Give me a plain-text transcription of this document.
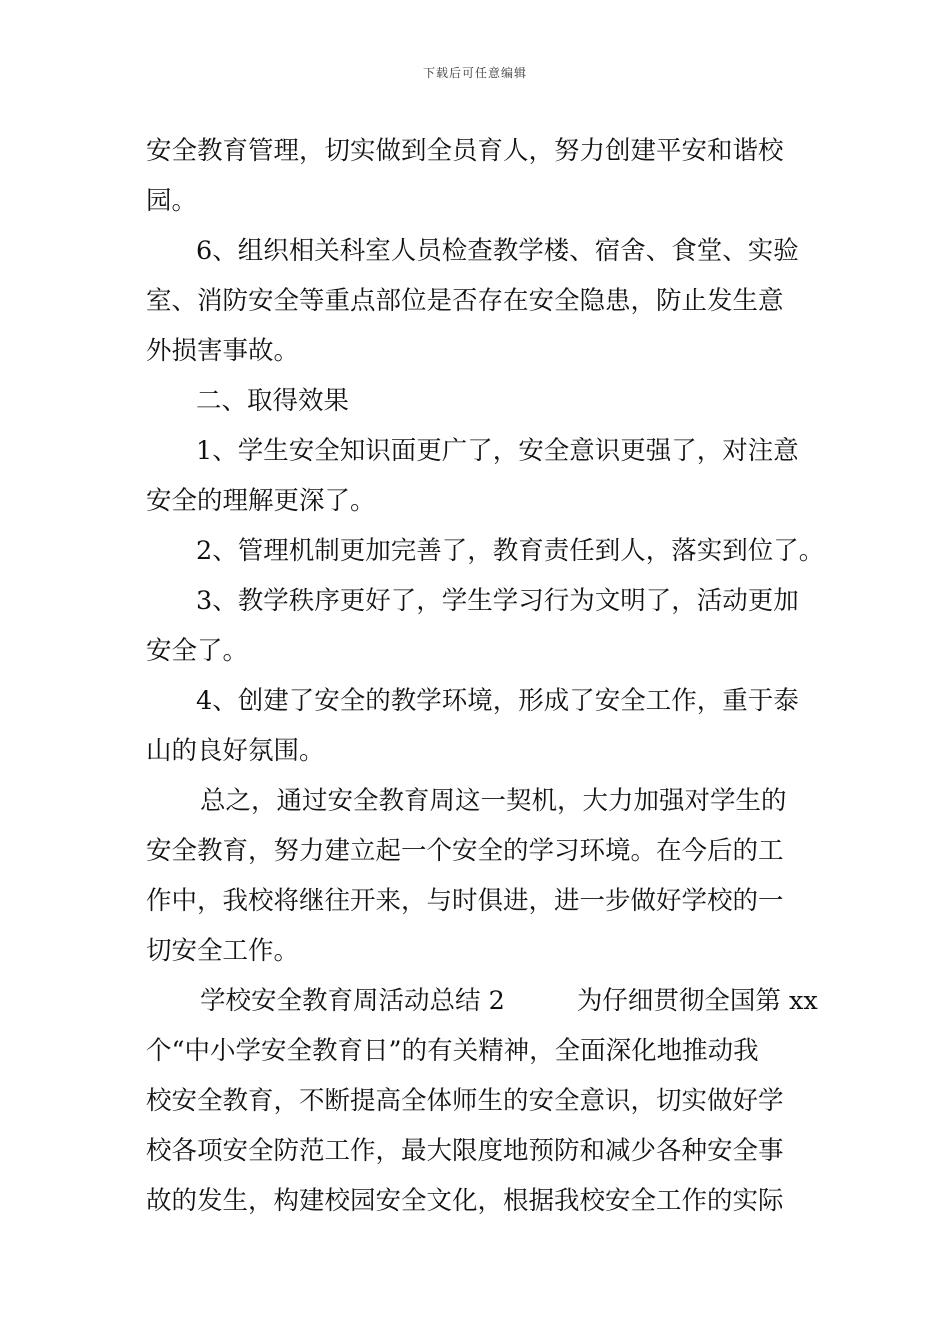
下载后可任意编辑
安全教育管理，切实做到全员育人，努力创建平安和谐校
园。
6、组织相关科室人员检查教学楼、宿舍、食堂、实验
室、消防安全等重点部位是否存在安全隐患，防止发生意
外损害事故。
二、取得效果
1、学生安全知识面更广了，安全意识更强了，对注意
安全的理解更深了。
2、管理机制更加完善了，教育责任到人，落实到位了。
3、教学秩序更好了，学生学习行为文明了，活动更加
安全了。
4、创建了安全的教学环境，形成了安全工作，重于泰
山的良好氛围。
总之，通过安全教育周这一契机，大力加强对学生的
安全教育，努力建立起一个安全的学习环境。在今后的工
作中，我校将继往开来，与时俱进，进一步做好学校的一
切安全工作。
学校安全教育周活动总结 2	为仔细贯彻全国第 xx
个“中小学安全教育日”的有关精神，全面深化地推动我
校安全教育，不断提高全体师生的安全意识，切实做好学
校各项安全防范工作，最大限度地预防和减少各种安全事
故的发生，构建校园安全文化，根据我校安全工作的实际
